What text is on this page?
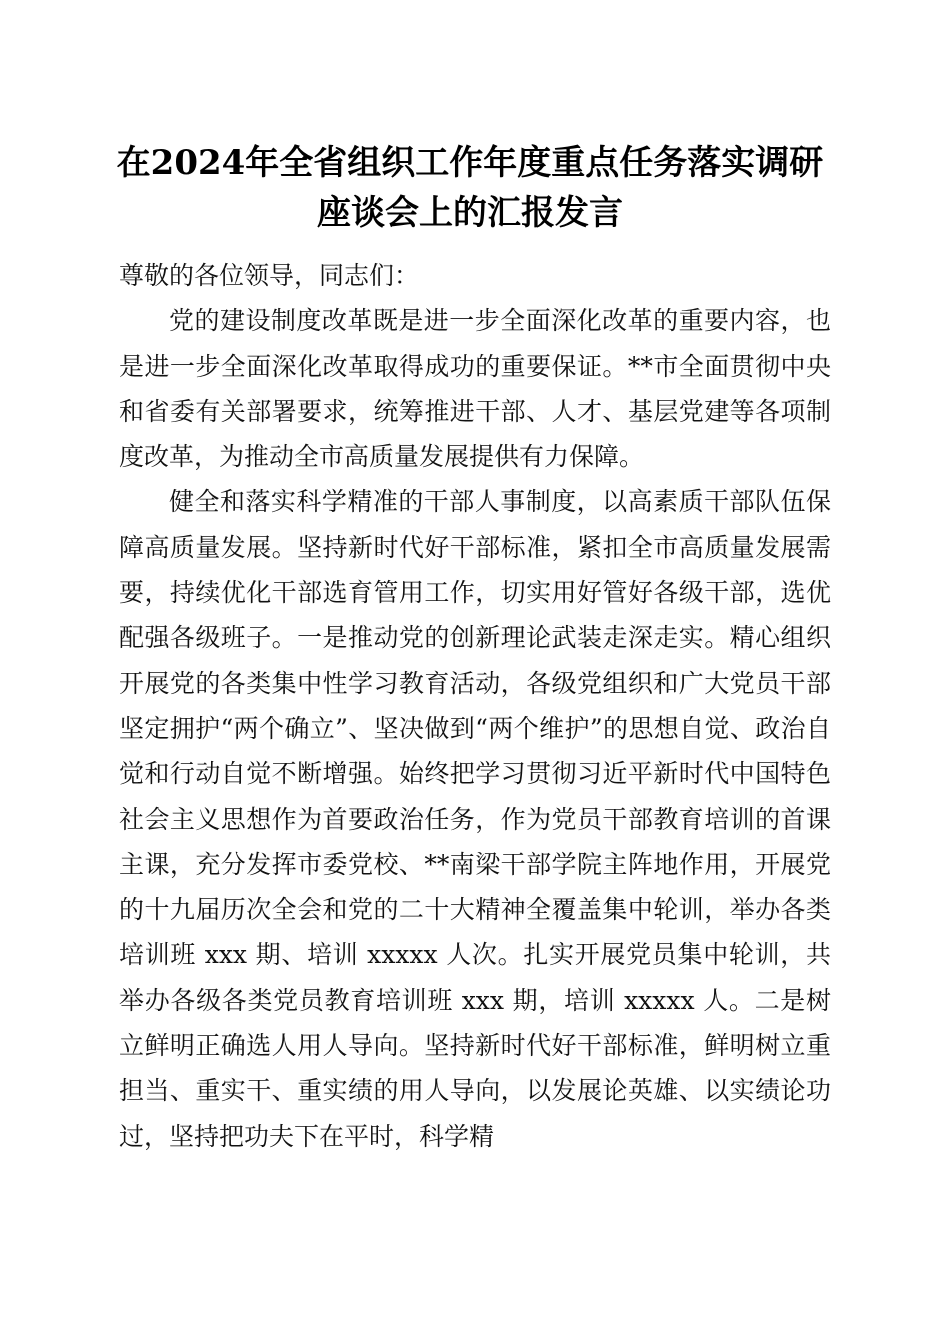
在2024年全省组织工作年度重点任务落实调研座谈会上的汇报发言

尊敬的各位领导，同志们：

党的建设制度改革既是进一步全面深化改革的重要内容，也是进一步全面深化改革取得成功的重要保证。**市全面贯彻中央和省委有关部署要求，统筹推进干部、人才、基层党建等各项制度改革，为推动全市高质量发展提供有力保障。

健全和落实科学精准的干部人事制度，以高素质干部队伍保障高质量发展。坚持新时代好干部标准，紧扣全市高质量发展需要，持续优化干部选育管用工作，切实用好管好各级干部，选优配强各级班子。一是推动党的创新理论武装走深走实。精心组织开展党的各类集中性学习教育活动，各级党组织和广大党员干部坚定拥护“两个确立”、坚决做到“两个维护”的思想自觉、政治自觉和行动自觉不断增强。始终把学习贯彻习近平新时代中国特色社会主义思想作为首要政治任务，作为党员干部教育培训的首课主课，充分发挥市委党校、**南梁干部学院主阵地作用，开展党的十九届历次全会和党的二十大精神全覆盖集中轮训，举办各类培训班 xxx 期、培训 xxxxx 人次。扎实开展党员集中轮训，共举办各级各类党员教育培训班 xxx 期，培训 xxxxx 人。二是树立鲜明正确选人用人导向。坚持新时代好干部标准，鲜明树立重担当、重实干、重实绩的用人导向，以发展论英雄、以实绩论功过，坚持把功夫下在平时，科学精
